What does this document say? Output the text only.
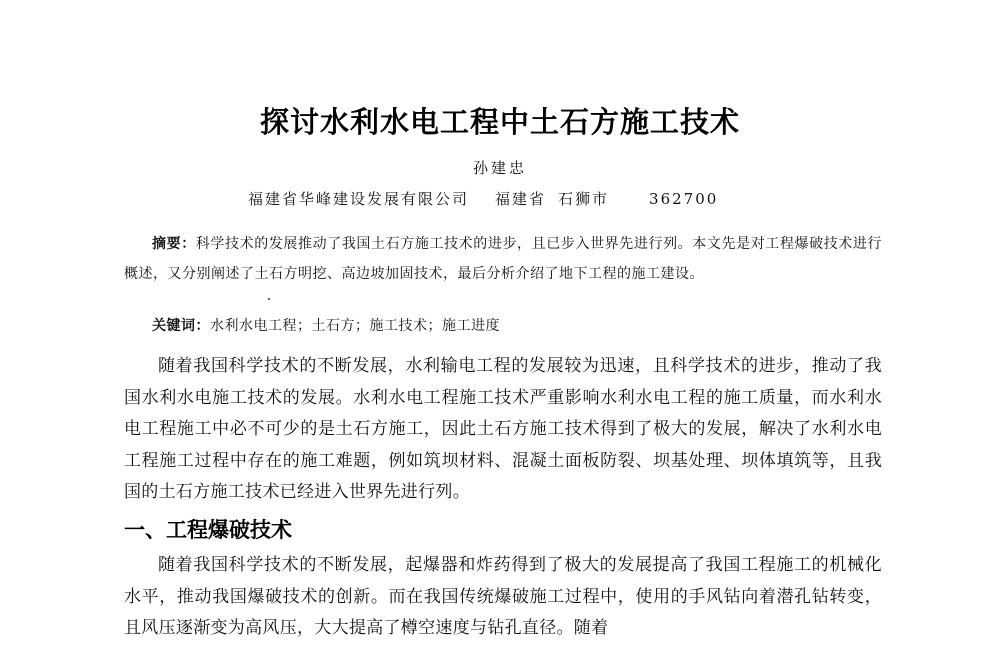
探讨水利水电工程中土石方施工技术
孙建忠
福建省华峰建设发展有限公司 福建省 石狮市	362700
摘要：科学技术的发展推动了我国土石方施工技术的进步，且已步入世界先进行列。本文先是对工程爆破技术进行概述，又分别阐述了土石方明挖、高边坡加固技术，最后分析介绍了地下工程的施工建设。
关键词：水利水电工程；土石方；施工技术；施工进度
随着我国科学技术的不断发展，水利输电工程的发展较为迅速，且科学技术的进步，推动了我国水利水电施工技术的发展。水利水电工程施工技术严重影响水利水电工程的施工质量，而水利水电工程施工中必不可少的是土石方施工，因此土石方施工技术得到了极大的发展，解决了水利水电工程施工过程中存在的施工难题，例如筑坝材料、混凝土面板防裂、坝基处理、坝体填筑等，且我国的土石方施工技术已经进入世界先进行列。
一、工程爆破技术
随着我国科学技术的不断发展，起爆器和炸药得到了极大的发展提高了我国工程施工的机械化水平，推动我国爆破技术的创新。而在我国传统爆破施工过程中，使用的手风钻向着潜孔钻转变，且风压逐渐变为高风压，大大提高了樽空速度与钻孔直径。随着
